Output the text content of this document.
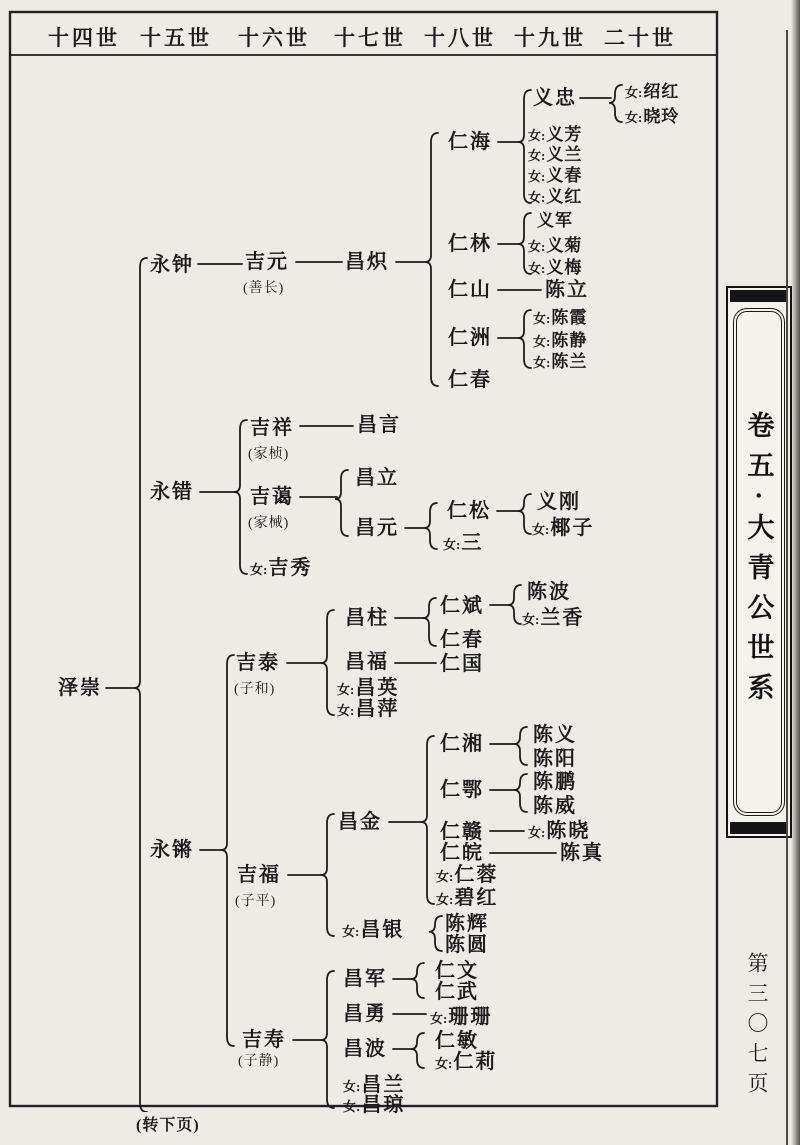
十四世 十五世 十六世 十七世 十八世 十九世 二十世
泽崇
永钟
永错
永锵
吉元
(善长)
吉祥
(家桢)
吉蔼
(家械)
女:吉秀
吉泰
(子和)
吉福
(子平)
吉寿
(子静)
昌炽
昌言
昌立
昌元
昌柱
昌福
女:昌英
女:昌萍
昌金
女:昌银
昌军
昌勇
昌波
女:昌兰
女:昌琼
仁海
仁林
仁山
仁洲
仁春
仁松
女:三
仁斌
仁春
仁国
仁湘
仁鄂
仁赣
仁皖
女:仁蓉
女:碧红
陈辉
陈圆
仁文
仁武
女:珊珊
仁敏
女:仁莉
义忠
女:义芳
女:义兰
女:义春
女:义红
义军
女:义菊
女:义梅
陈立
女:陈霞
女:陈静
女:陈兰
义刚
女:椰子
陈波
女:兰香
陈义
陈阳
陈鹏
陈威
女:陈晓
陈真
女:绍红
女:晓玲
(转下页)
卷五·大青公世系
第三〇七页
